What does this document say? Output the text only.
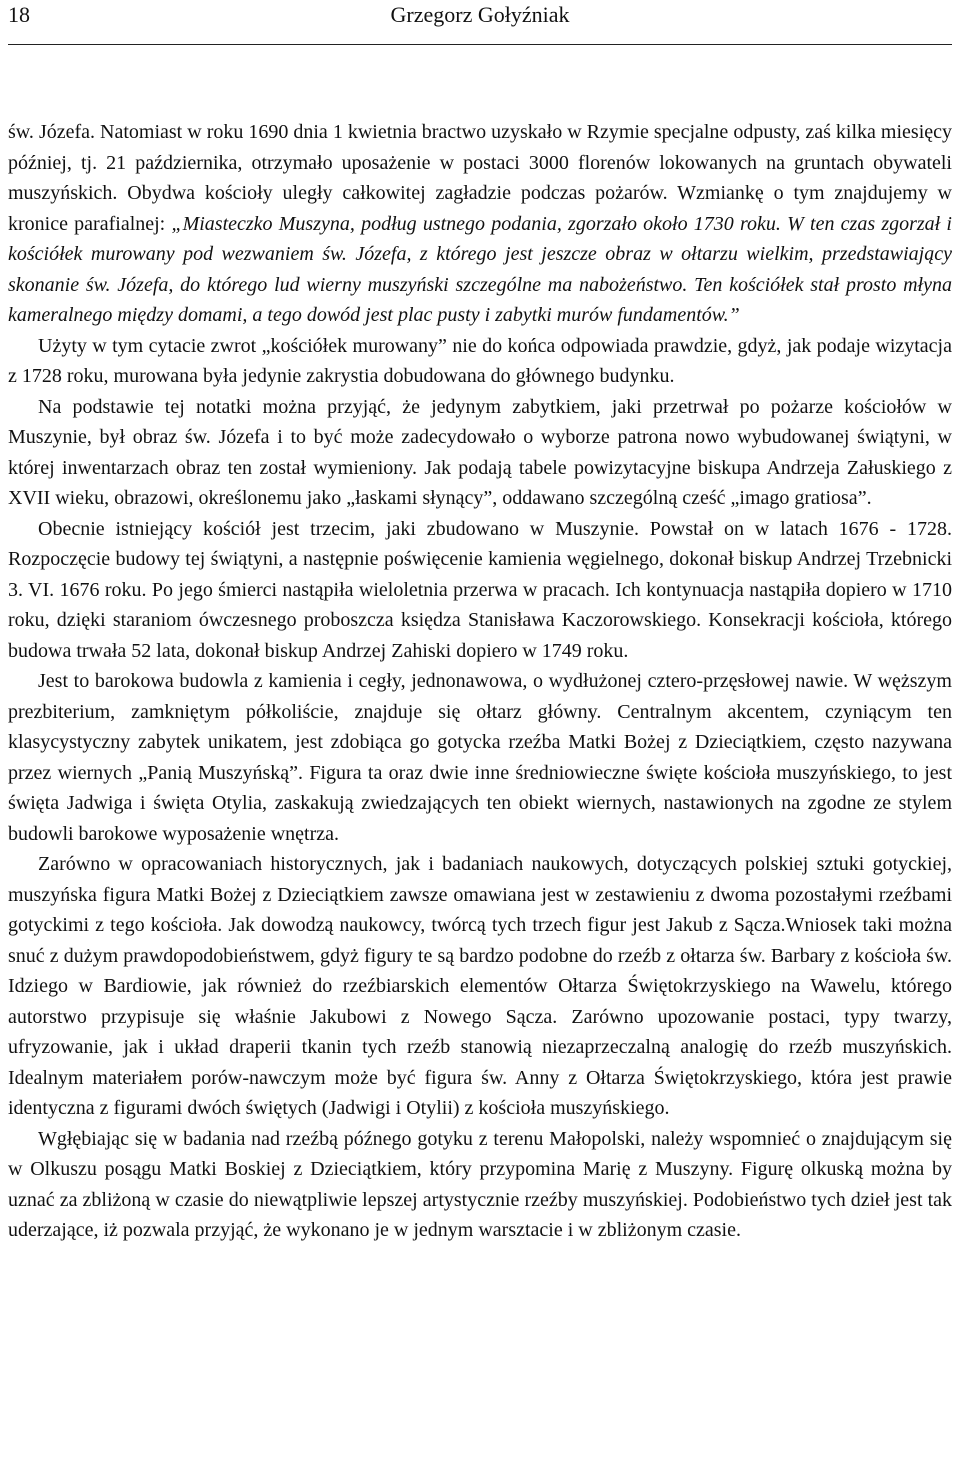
18	Grzegorz Gołyźniak

św. Józefa. Natomiast w roku 1690 dnia 1 kwietnia bractwo uzyskało w Rzymie specjalne odpusty, zaś kilka miesięcy później, tj. 21 października, otrzymało uposażenie w postaci 3000 florenów lokowanych na gruntach obywateli muszyńskich. Obydwa kościoły uległy całkowitej zagładzie podczas pożarów. Wzmiankę o tym znajdujemy w kronice parafialnej: „Miasteczko Muszyna, podług ustnego podania, zgorzało około 1730 roku. W ten czas zgorzał i kościółek murowany pod wezwaniem św. Józefa, z którego jest jeszcze obraz w ołtarzu wielkim, przedstawiający skonanie św. Józefa, do którego lud wierny muszyński szczególne ma nabożeństwo. Ten kościółek stał prosto młyna kameralnego między domami, a tego dowód jest plac pusty i zabytki murów fundamentów.”

Użyty w tym cytacie zwrot „kościółek murowany” nie do końca odpowiada prawdzie, gdyż, jak podaje wizytacja z 1728 roku, murowana była jedynie zakrystia dobudowana do głównego budynku.

Na podstawie tej notatki można przyjąć, że jedynym zabytkiem, jaki przetrwał po pożarze kościołów w Muszynie, był obraz św. Józefa i to być może zadecydowało o wyborze patrona nowo wybudowanej świątyni, w której inwentarzach obraz ten został wymieniony. Jak podają tabele powizytacyjne biskupa Andrzeja Załuskiego z XVII wieku, obrazowi, określonemu jako „łaskami słynący”, oddawano szczególną cześć „imago gratiosa”.

Obecnie istniejący kościół jest trzecim, jaki zbudowano w Muszynie. Powstał on w latach 1676 - 1728. Rozpoczęcie budowy tej świątyni, a następnie poświęcenie kamienia węgielnego, dokonał biskup Andrzej Trzebnicki 3. VI. 1676 roku. Po jego śmierci nastąpiła wieloletnia przerwa w pracach. Ich kontynuacja nastąpiła dopiero w 1710 roku, dzięki staraniom ówczesnego proboszcza księdza Stanisława Kaczorowskiego. Konsekracji kościoła, którego budowa trwała 52 lata, dokonał biskup Andrzej Zahiski dopiero w 1749 roku.

Jest to barokowa budowla z kamienia i cegły, jednonawowa, o wydłużonej cztero-przęsłowej nawie. W węższym prezbiterium, zamkniętym półkoliście, znajduje się ołtarz główny. Centralnym akcentem, czyniącym ten klasycystyczny zabytek unikatem, jest zdobiąca go gotycka rzeźba Matki Bożej z Dzieciątkiem, często nazywana przez wiernych „Panią Muszyńską”. Figura ta oraz dwie inne średniowieczne święte kościoła muszyńskiego, to jest święta Jadwiga i święta Otylia, zaskakują zwiedzających ten obiekt wiernych, nastawionych na zgodne ze stylem budowli barokowe wyposażenie wnętrza.

Zarówno w opracowaniach historycznych, jak i badaniach naukowych, dotyczących polskiej sztuki gotyckiej, muszyńska figura Matki Bożej z Dzieciątkiem zawsze omawiana jest w zestawieniu z dwoma pozostałymi rzeźbami gotyckimi z tego kościoła. Jak dowodzą naukowcy, twórcą tych trzech figur jest Jakub z Sącza.Wniosek taki można snuć z dużym prawdopodobieństwem, gdyż figury te są bardzo podobne do rzeźb z ołtarza św. Barbary z kościoła św. Idziego w Bardiowie, jak również do rzeźbiarskich elementów Ołtarza Świętokrzyskiego na Wawelu, którego autorstwo przypisuje się właśnie Jakubowi z Nowego Sącza. Zarówno upozowanie postaci, typy twarzy, ufryzowanie, jak i układ draperii tkanin tych rzeźb stanowią niezaprzeczalną analogię do rzeźb muszyńskich. Idealnym materiałem porów-nawczym może być figura św. Anny z Ołtarza Świętokrzyskiego, która jest prawie identyczna z figurami dwóch świętych (Jadwigi i Otylii) z kościoła muszyńskiego.

Wgłębiając się w badania nad rzeźbą późnego gotyku z terenu Małopolski, należy wspomnieć o znajdującym się w Olkuszu posągu Matki Boskiej z Dzieciątkiem, który przypomina Marię z Muszyny. Figurę olkuską można by uznać za zbliżoną w czasie do niewątpliwie lepszej artystycznie rzeźby muszyńskiej. Podobieństwo tych dzieł jest tak uderzające, iż pozwala przyjąć, że wykonano je w jednym warsztacie i w zbliżonym czasie.
